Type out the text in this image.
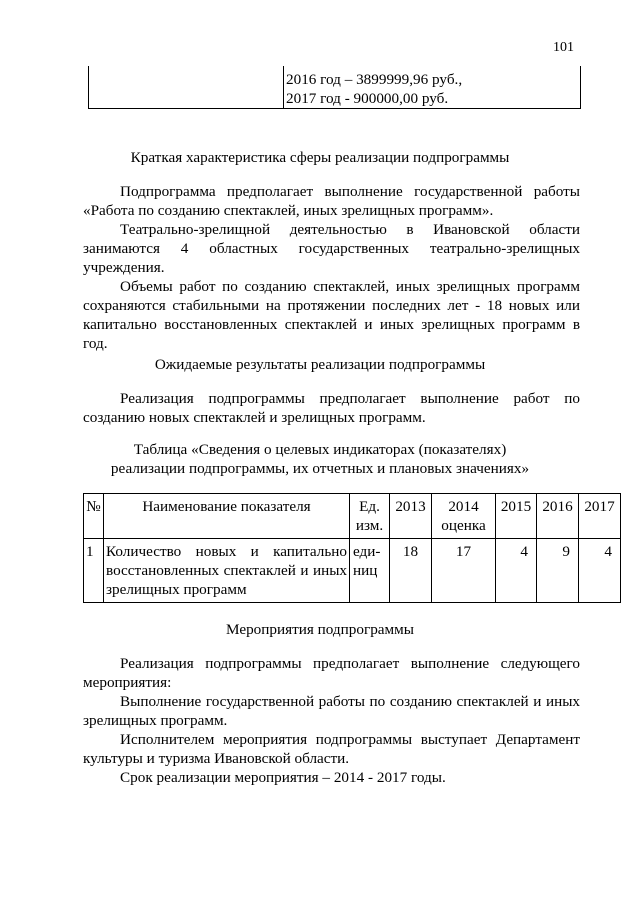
101

2016 год – 3899999,96 руб.,
2017 год - 900000,00 руб.
Краткая характеристика сферы реализации подпрограммы

Подпрограмма предполагает выполнение государственной работы «Работа по созданию спектаклей, иных зрелищных программ».

Театрально-зрелищной деятельностью в Ивановской области занимаются 4 областных государственных театрально-зрелищных учреждения.

Объемы работ по созданию спектаклей, иных зрелищных программ сохраняются стабильными на протяжении последних лет - 18 новых или капитально восстановленных спектаклей и иных зрелищных программ в год.

Ожидаемые результаты реализации подпрограммы

Реализация подпрограммы предполагает выполнение работ по созданию новых спектаклей и зрелищных программ.

Таблица «Сведения о целевых индикаторах (показателях)
реализации подпрограммы, их отчетных и плановых значениях»
№	Наименование показателя	Ед. изм.	2013	2014 оценка	2015	2016	2017
1	Количество новых и капитально восстановленных спектаклей и иных зрелищных программ	еди-ниц	18	17	4	9	4
Мероприятия подпрограммы

Реализация подпрограммы предполагает выполнение следующего мероприятия:

Выполнение государственной работы по созданию спектаклей и иных зрелищных программ.

Исполнителем мероприятия подпрограммы выступает Департамент культуры и туризма Ивановской области.

Срок реализации мероприятия – 2014 - 2017 годы.
